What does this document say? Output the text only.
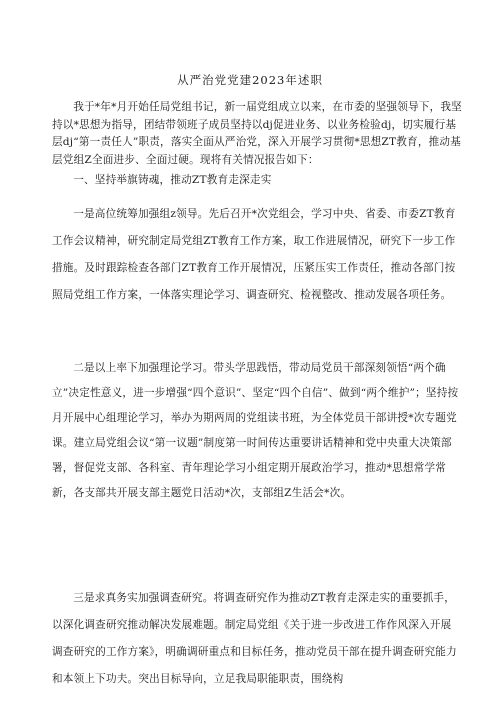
从严治党党建2023年述职
我于*年*月开始任局党组书记，新一届党组成立以来，在市委的坚强领导下，我坚持以*思想为指导，团结带领班子成员坚持以dj促进业务、以业务检验dj，切实履行基层dj“第一责任人”职责，落实全面从严治党，深入开展学习贯彻*思想ZT教育，推动基层党组Z全面进步、全面过硬。现将有关情况报告如下：
一、坚持举旗铸魂，推动ZT教育走深走实
一是高位统筹加强组z领导。先后召开*次党组会，学习中央、省委、市委ZT教育工作会议精神，研究制定局党组ZT教育工作方案，取工作进展情况，研究下一步工作措施。及时跟踪检查各部门ZT教育工作开展情况，压紧压实工作责任，推动各部门按照局党组工作方案，一体落实理论学习、调查研究、检视整改、推动发展各项任务。
二是以上率下加强理论学习。带头学思践悟，带动局党员干部深刻领悟“两个确立”决定性意义，进一步增强“四个意识”、坚定“四个自信”、做到“两个维护”；坚持按月开展中心组理论学习，举办为期两周的党组读书班，为全体党员干部讲授*次专题党课。建立局党组会议“第一议题”制度第一时间传达重要讲话精神和党中央重大决策部署，督促党支部、各科室、青年理论学习小组定期开展政治学习，推动*思想常学常新，各支部共开展支部主题党日活动*次，支部组Z生活会*次。
三是求真务实加强调查研究。将调查研究作为推动ZT教育走深走实的重要抓手，以深化调查研究推动解决发展难题。制定局党组《关于进一步改进工作作风深入开展调查研究的工作方案》，明确调研重点和目标任务，推动党员干部在提升调查研究能力和本领上下功夫。突出目标导向，立足我局职能职责，围绕构
